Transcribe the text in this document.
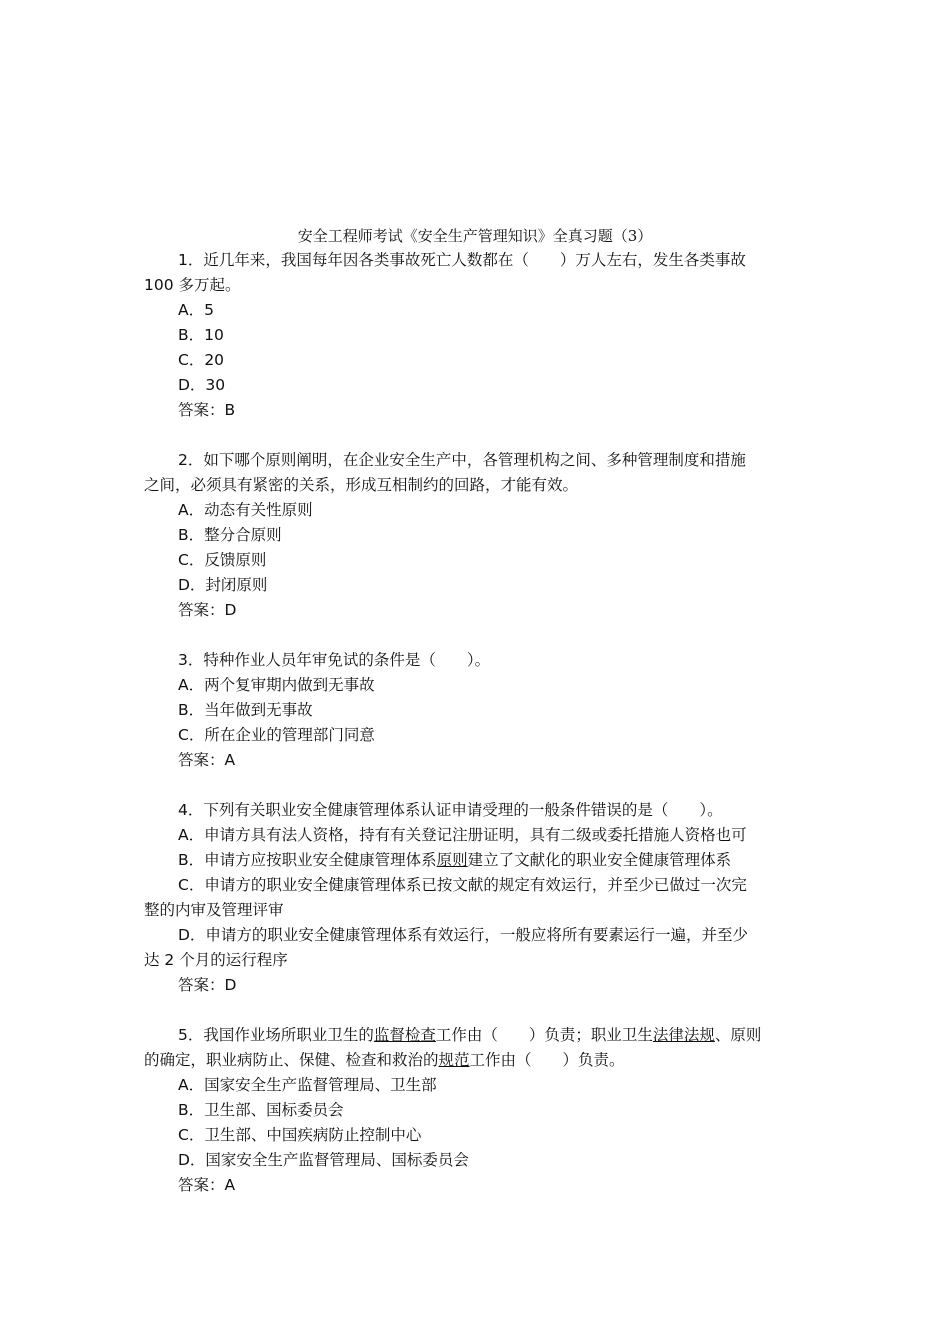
安全工程师考试《安全生产管理知识》全真习题（3）
1．近几年来，我国每年因各类事故死亡人数都在（　　）万人左右，发生各类事故
100 多万起。
A．5
B．10
C．20
D．30
答案：B
2．如下哪个原则阐明，在企业安全生产中，各管理机构之间、多种管理制度和措施
之间，必须具有紧密的关系，形成互相制约的回路，才能有效。
A．动态有关性原则
B．整分合原则
C．反馈原则
D．封闭原则
答案：D
3．特种作业人员年审免试的条件是（　　）。
A．两个复审期内做到无事故
B．当年做到无事故
C．所在企业的管理部门同意
答案：A
4．下列有关职业安全健康管理体系认证申请受理的一般条件错误的是（　　）。
A．申请方具有法人资格，持有有关登记注册证明，具有二级或委托措施人资格也可
B．申请方应按职业安全健康管理体系原则建立了文献化的职业安全健康管理体系
C．申请方的职业安全健康管理体系已按文献的规定有效运行，并至少已做过一次完
整的内审及管理评审
D．申请方的职业安全健康管理体系有效运行，一般应将所有要素运行一遍，并至少
达 2 个月的运行程序
答案：D
5．我国作业场所职业卫生的监督检查工作由（　　）负责；职业卫生法律法规、原则
的确定，职业病防止、保健、检查和救治的规范工作由（　　）负责。
A．国家安全生产监督管理局、卫生部
B．卫生部、国标委员会
C．卫生部、中国疾病防止控制中心
D．国家安全生产监督管理局、国标委员会
答案：A
